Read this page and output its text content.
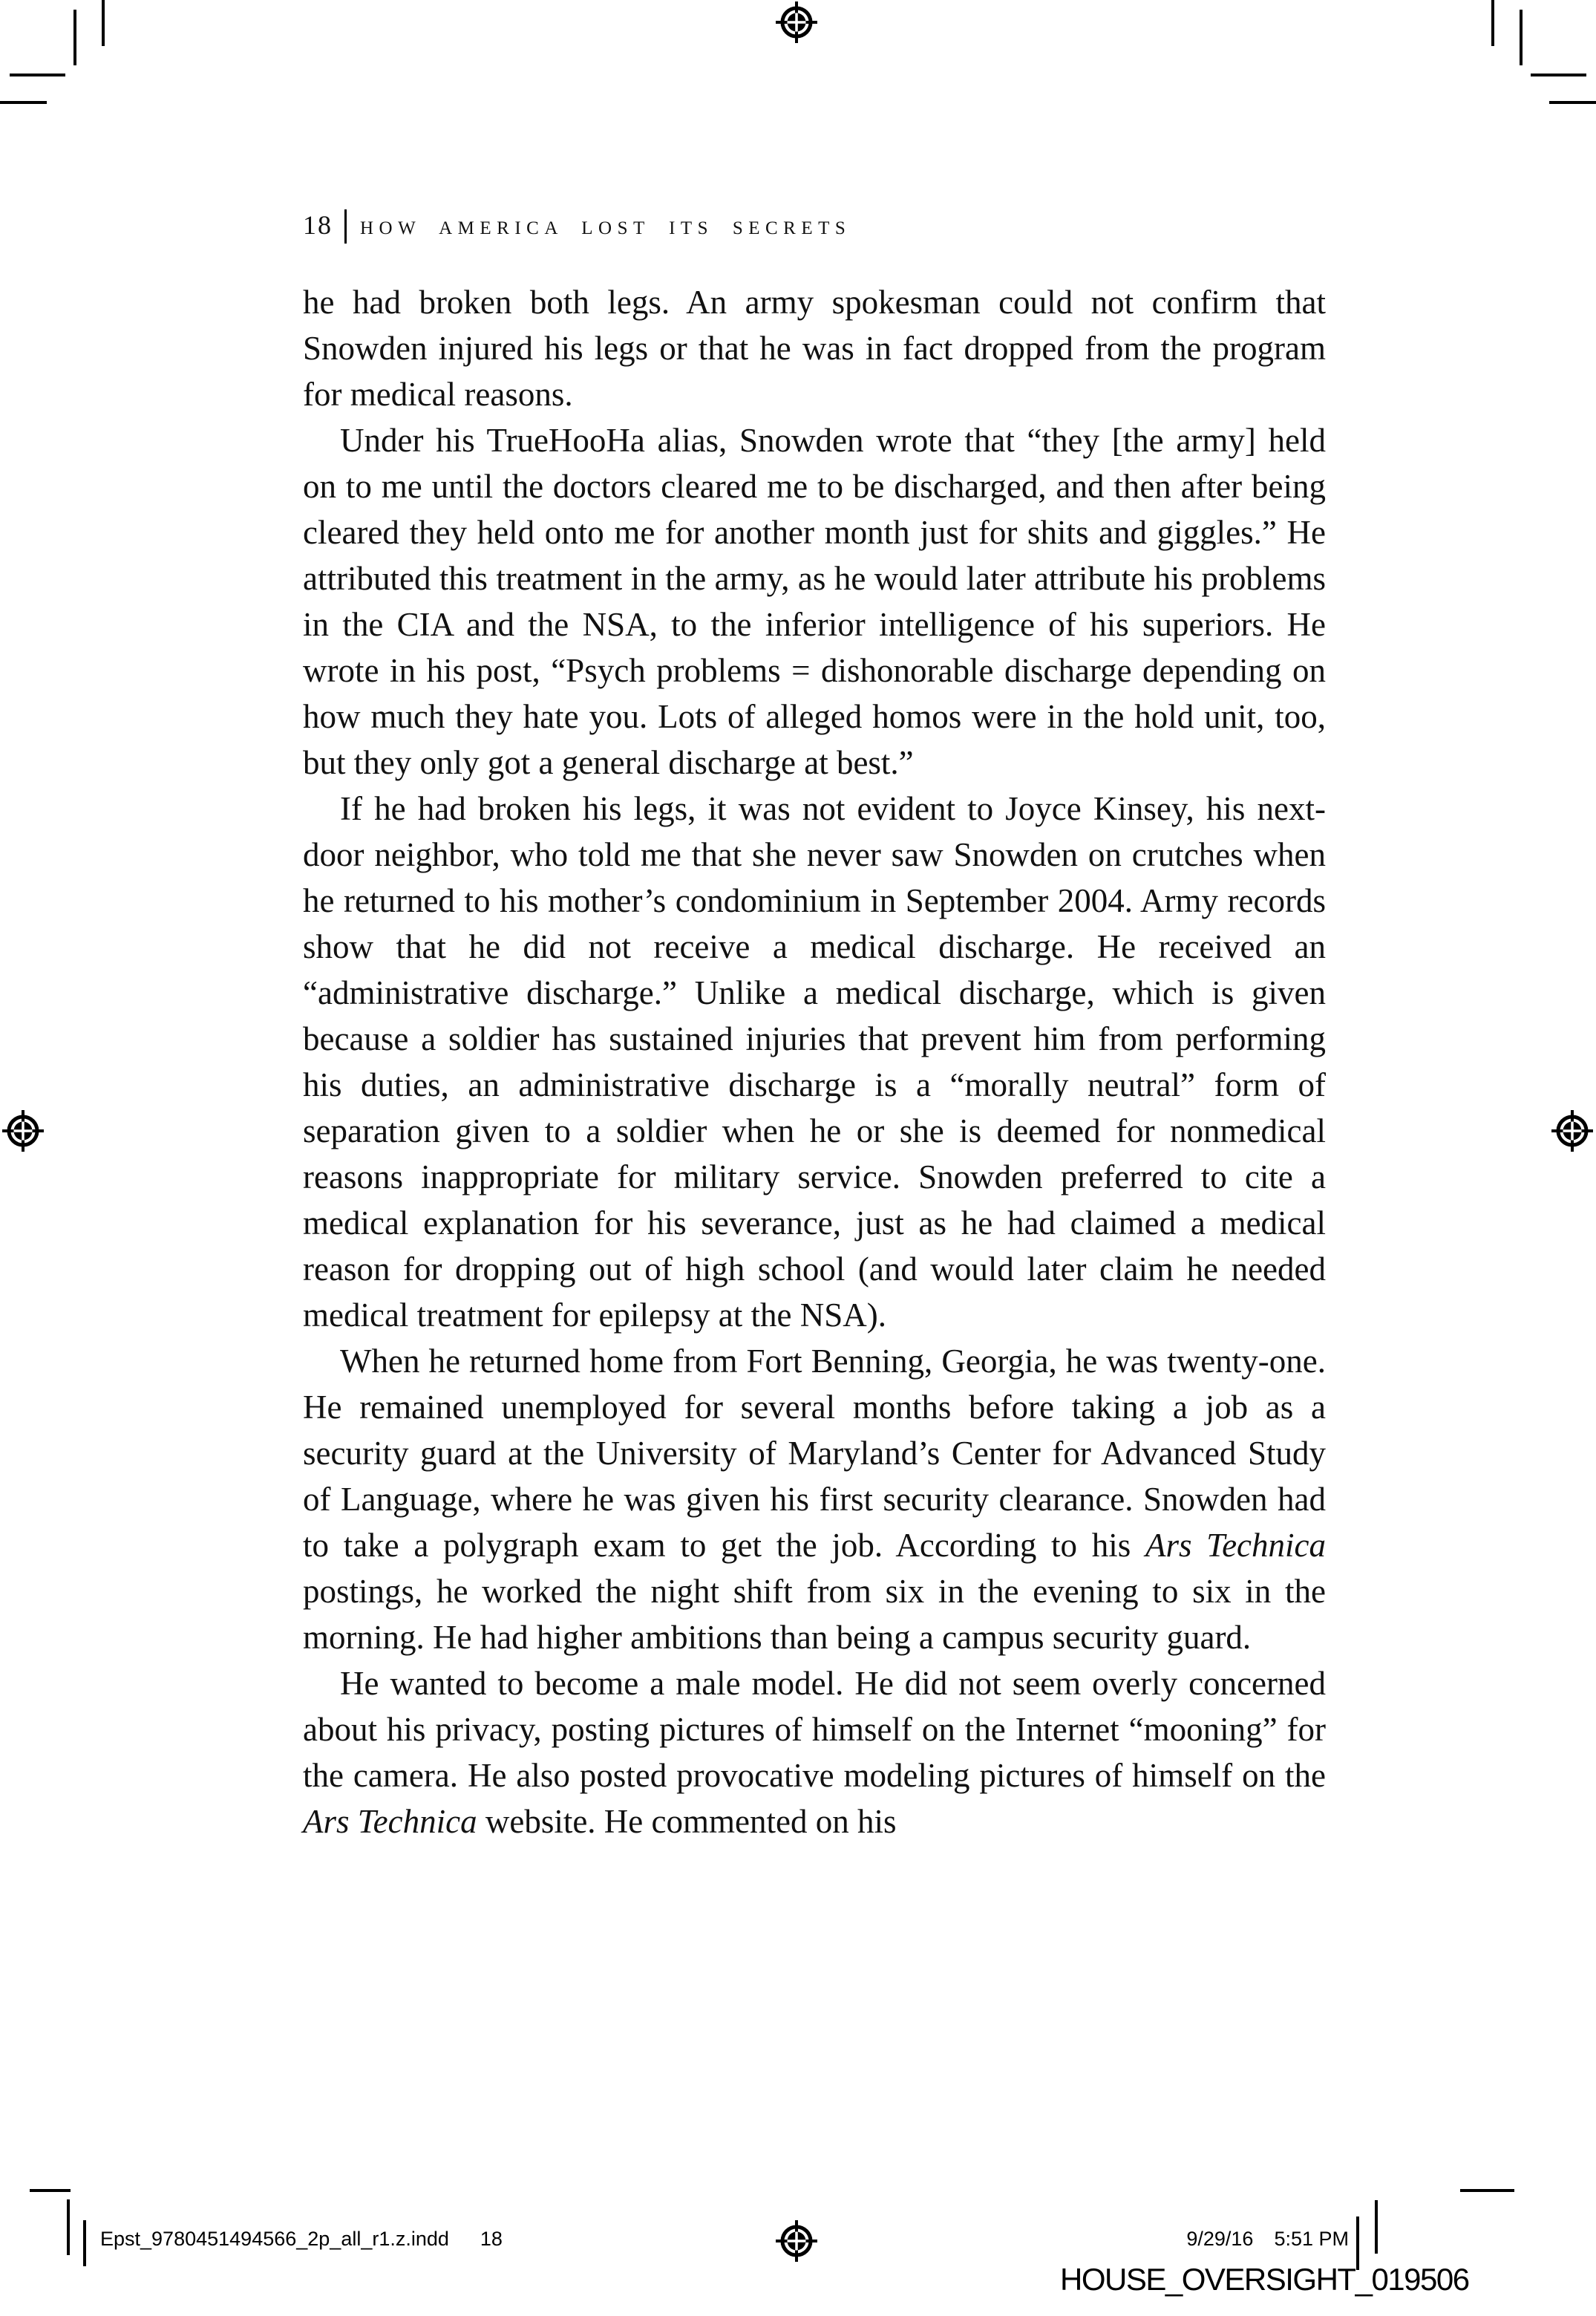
18 HOW AMERICA LOST ITS SECRETS

he had broken both legs. An army spokesman could not confirm that Snowden injured his legs or that he was in fact dropped from the program for medical reasons.

Under his TrueHooHa alias, Snowden wrote that “they [the army] held on to me until the doctors cleared me to be discharged, and then after being cleared they held onto me for another month just for shits and giggles.” He attributed this treatment in the army, as he would later attribute his problems in the CIA and the NSA, to the inferior intelligence of his superiors. He wrote in his post, “Psych problems = dishonorable discharge depending on how much they hate you. Lots of alleged homos were in the hold unit, too, but they only got a general discharge at best.”

If he had broken his legs, it was not evident to Joyce Kinsey, his next-door neighbor, who told me that she never saw Snowden on crutches when he returned to his mother’s condominium in September 2004. Army records show that he did not receive a medical discharge. He received an “administrative discharge.” Unlike a medical discharge, which is given because a soldier has sustained injuries that prevent him from performing his duties, an administrative discharge is a “morally neutral” form of separation given to a soldier when he or she is deemed for nonmedical reasons inappropriate for military service. Snowden preferred to cite a medical explanation for his severance, just as he had claimed a medical reason for dropping out of high school (and would later claim he needed medical treatment for epilepsy at the NSA).

When he returned home from Fort Benning, Georgia, he was twenty-one. He remained unemployed for several months before taking a job as a security guard at the University of Maryland’s Center for Advanced Study of Language, where he was given his first security clearance. Snowden had to take a polygraph exam to get the job. According to his Ars Technica postings, he worked the night shift from six in the evening to six in the morning. He had higher ambitions than being a campus security guard.

He wanted to become a male model. He did not seem overly concerned about his privacy, posting pictures of himself on the Internet “mooning” for the camera. He also posted provocative modeling pictures of himself on the Ars Technica website. He commented on his

Epst_9780451494566_2p_all_r1.z.indd 18	9/29/16 5:51 PM
HOUSE_OVERSIGHT_019506
